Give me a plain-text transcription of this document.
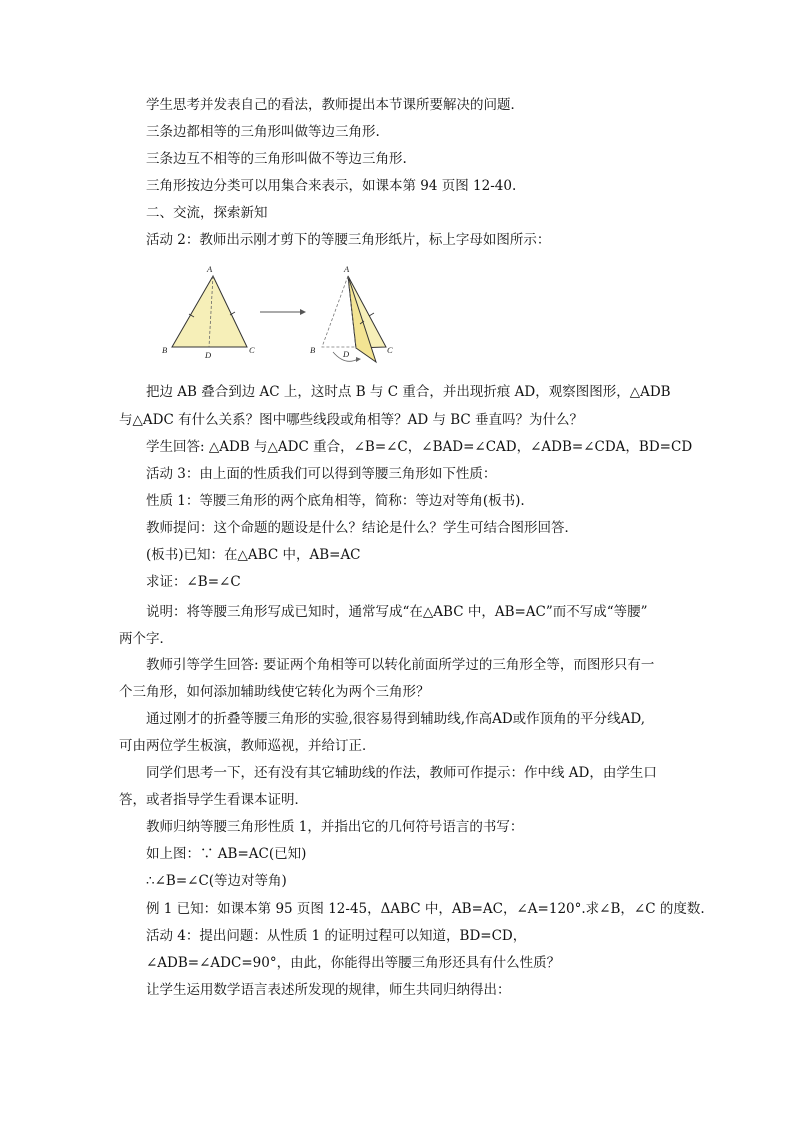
学生思考并发表自己的看法，教师提出本节课所要解决的问题．
三条边都相等的三角形叫做等边三角形.
三条边互不相等的三角形叫做不等边三角形.
三角形按边分类可以用集合来表示，如课本第 94 页图 12-40.
二、交流，探索新知
活动 2：教师出示刚才剪下的等腰三角形纸片，标上字母如图所示：
A
B	C
D
A
B	C
D
把边 AB 叠合到边 AC 上，这时点 B 与 C 重合，并出现折痕 AD，观察图图形，△ADB
与△ADC 有什么关系？图中哪些线段或角相等？AD 与 BC 垂直吗？为什么？
学生回答: △ADB 与△ADC 重合，∠B=∠C，∠BAD=∠CAD，∠ADB=∠CDA，BD=CD
活动 3：由上面的性质我们可以得到等腰三角形如下性质：
性质 1：等腰三角形的两个底角相等，简称：等边对等角(板书).
教师提问：这个命题的题设是什么？结论是什么？学生可结合图形回答．
(板书)已知：在△ABC 中，AB=AC
求证：∠B=∠C
说明：将等腰三角形写成已知时，通常写成“在△ABC 中，AB=AC”而不写成“等腰”
两个字．
教师引等学生回答: 要证两个角相等可以转化前面所学过的三角形全等，而图形只有一
个三角形，如何添加辅助线使它转化为两个三角形？
通过刚才的折叠等腰三角形的实验,很容易得到辅助线,作高AD或作顶角的平分线AD,
可由两位学生板演，教师巡视，并给订正．
同学们思考一下，还有没有其它辅助线的作法，教师可作提示：作中线 AD，由学生口
答，或者指导学生看课本证明．
教师归纳等腰三角形性质 1，并指出它的几何符号语言的书写：
如上图：∵ AB=AC(已知)
∴∠B=∠C(等边对等角)
例 1 已知：如课本第 95 页图 12-45，ΔABC 中，AB=AC，∠A=120°.求∠B，∠C 的度数.
活动 4：提出问题：从性质 1 的证明过程可以知道，BD=CD，
∠ADB=∠ADC=90°，由此，你能得出等腰三角形还具有什么性质？
让学生运用数学语言表述所发现的规律，师生共同归纳得出：
